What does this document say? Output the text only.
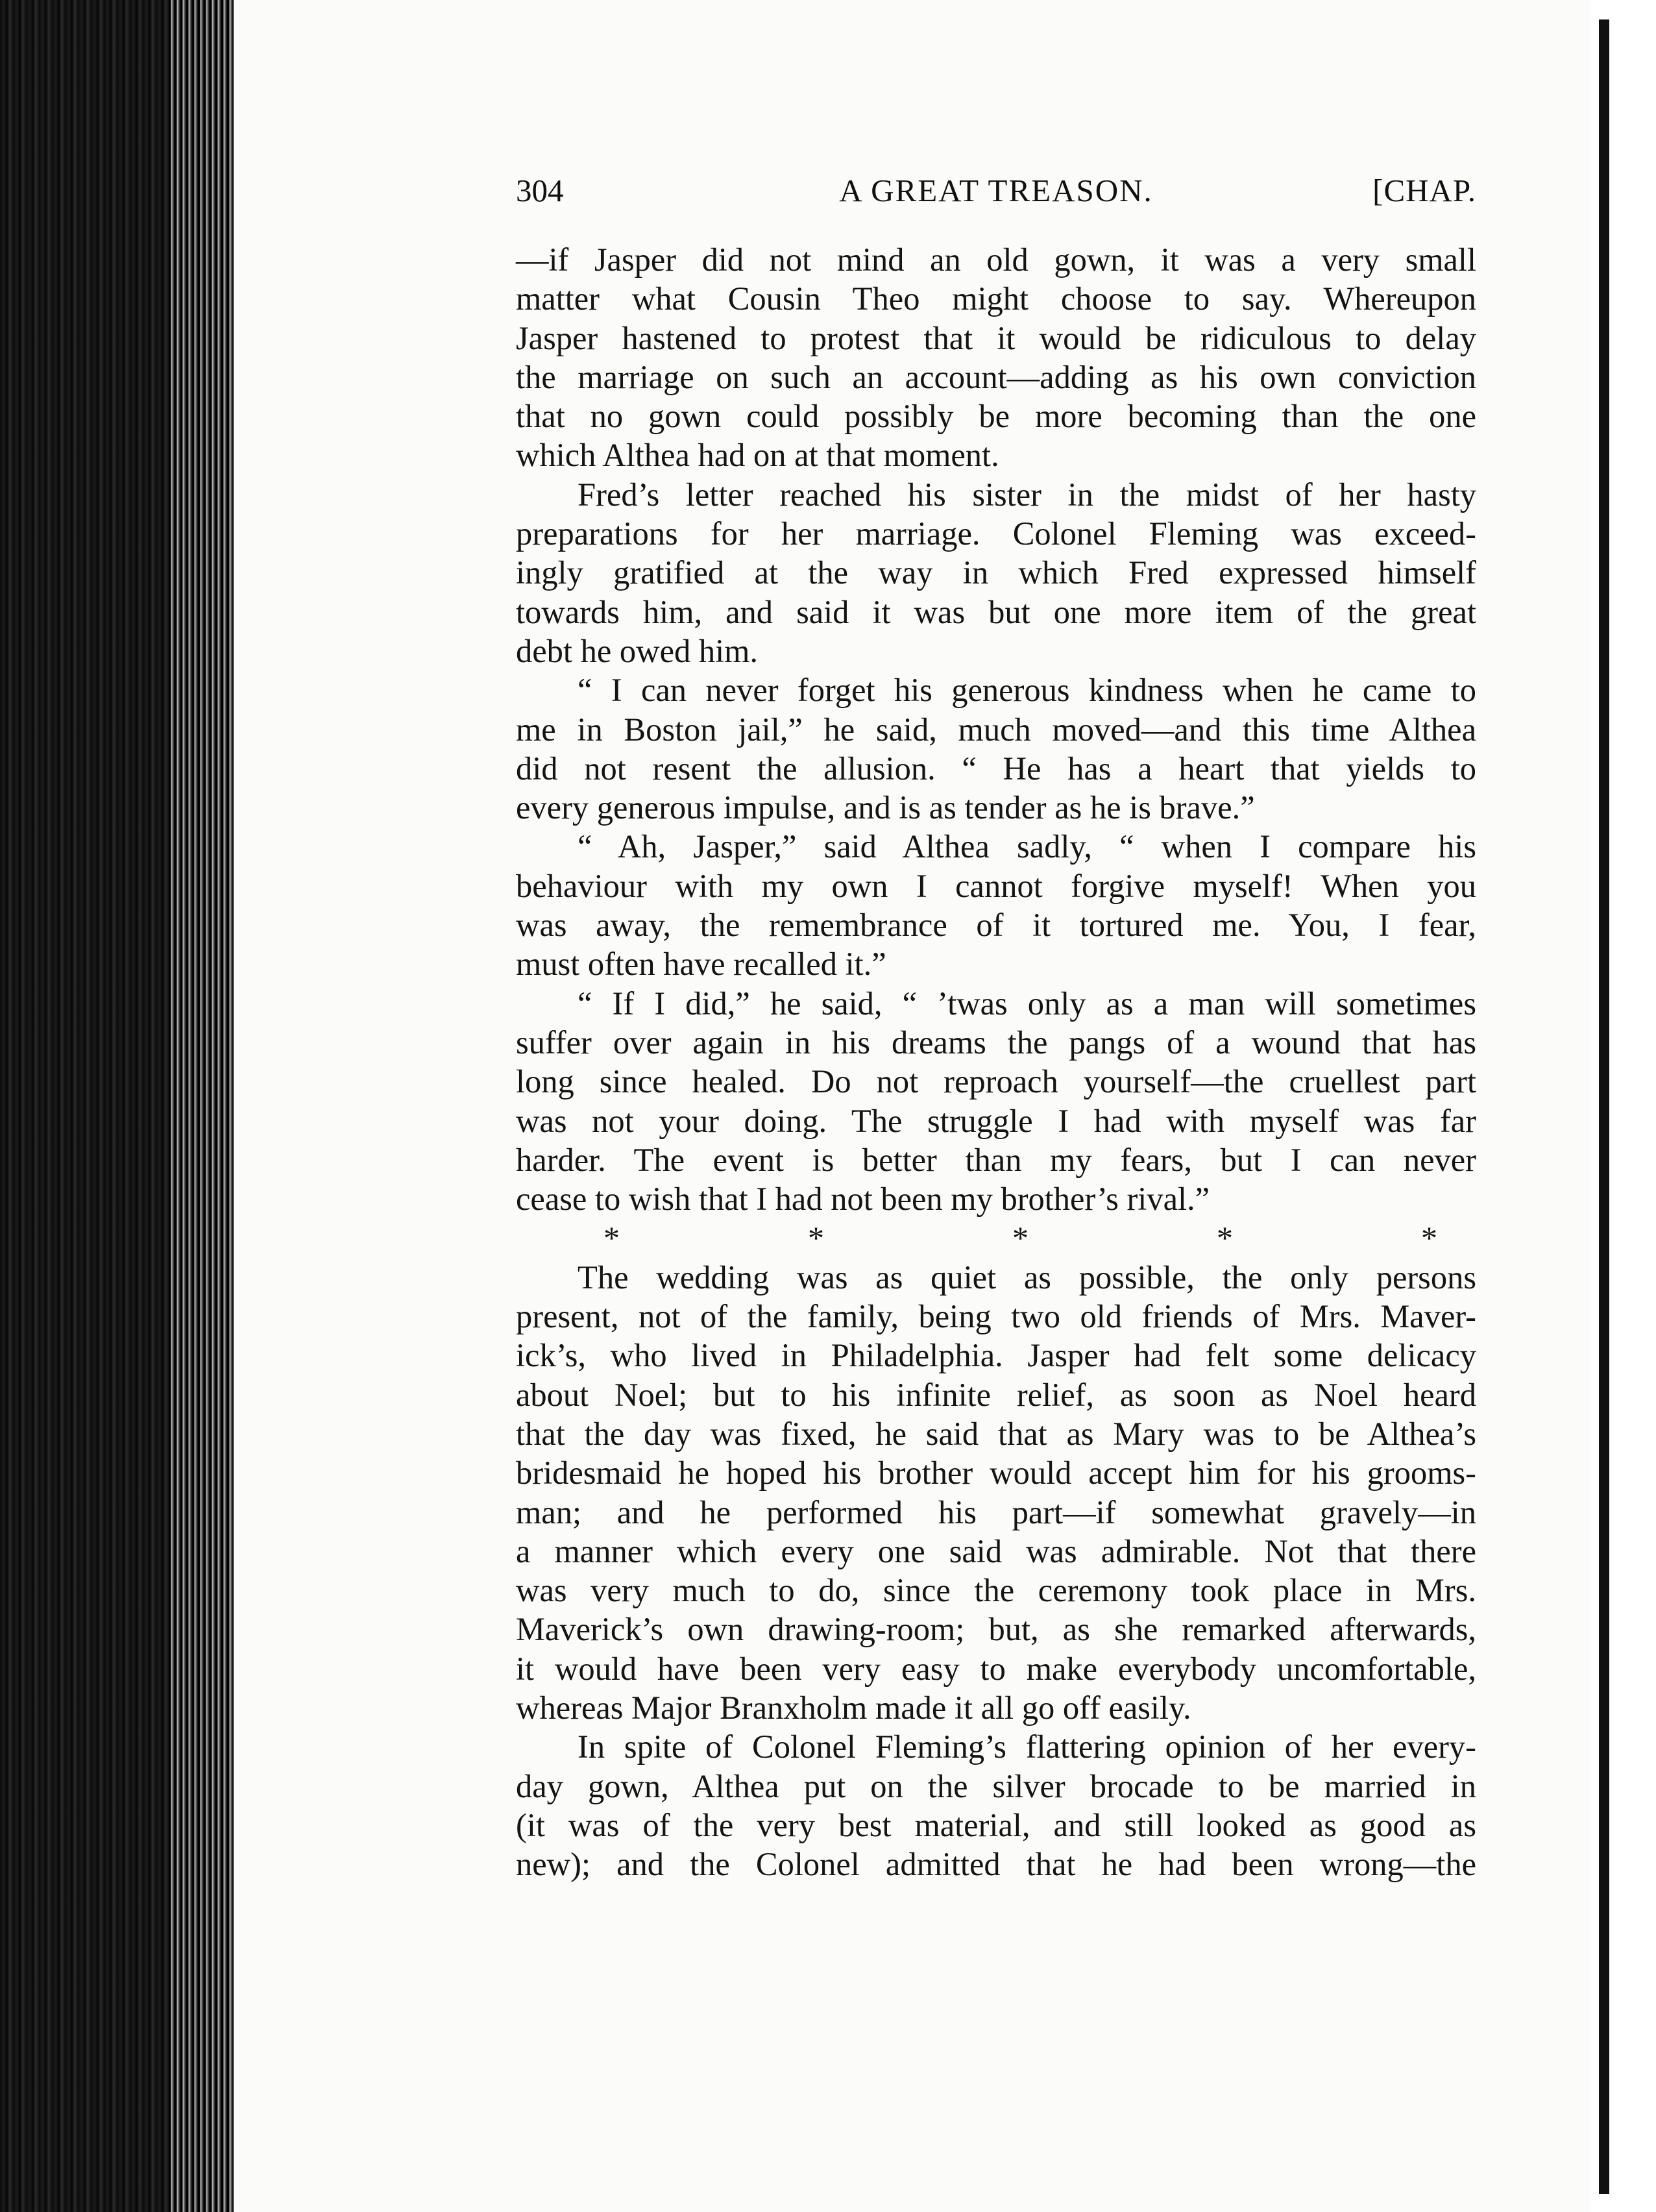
304	A GREAT TREASON.	[CHAP.

—if Jasper did not mind an old gown, it was a very small
matter what Cousin Theo might choose to say. Whereupon
Jasper hastened to protest that it would be ridiculous to delay
the marriage on such an account—adding as his own conviction
that no gown could possibly be more becoming than the one
which Althea had on at that moment.

Fred’s letter reached his sister in the midst of her hasty
preparations for her marriage. Colonel Fleming was exceed-
ingly gratified at the way in which Fred expressed himself
towards him, and said it was but one more item of the great
debt he owed him.

“ I can never forget his generous kindness when he came to
me in Boston jail,” he said, much moved—and this time Althea
did not resent the allusion. “ He has a heart that yields to
every generous impulse, and is as tender as he is brave.”

“ Ah, Jasper,” said Althea sadly, “ when I compare his
behaviour with my own I cannot forgive myself! When you
was away, the remembrance of it tortured me. You, I fear,
must often have recalled it.”

“ If I did,” he said, “ ’twas only as a man will sometimes
suffer over again in his dreams the pangs of a wound that has
long since healed. Do not reproach yourself—the cruellest part
was not your doing. The struggle I had with myself was far
harder. The event is better than my fears, but I can never
cease to wish that I had not been my brother’s rival.”

*	*	*	*	*

The wedding was as quiet as possible, the only persons
present, not of the family, being two old friends of Mrs. Maver-
ick’s, who lived in Philadelphia. Jasper had felt some delicacy
about Noel; but to his infinite relief, as soon as Noel heard
that the day was fixed, he said that as Mary was to be Althea’s
bridesmaid he hoped his brother would accept him for his grooms-
man; and he performed his part—if somewhat gravely—in
a manner which every one said was admirable. Not that there
was very much to do, since the ceremony took place in Mrs.
Maverick’s own drawing-room; but, as she remarked afterwards,
it would have been very easy to make everybody uncomfortable,
whereas Major Branxholm made it all go off easily.

In spite of Colonel Fleming’s flattering opinion of her every-
day gown, Althea put on the silver brocade to be married in
(it was of the very best material, and still looked as good as
new); and the Colonel admitted that he had been wrong—the
